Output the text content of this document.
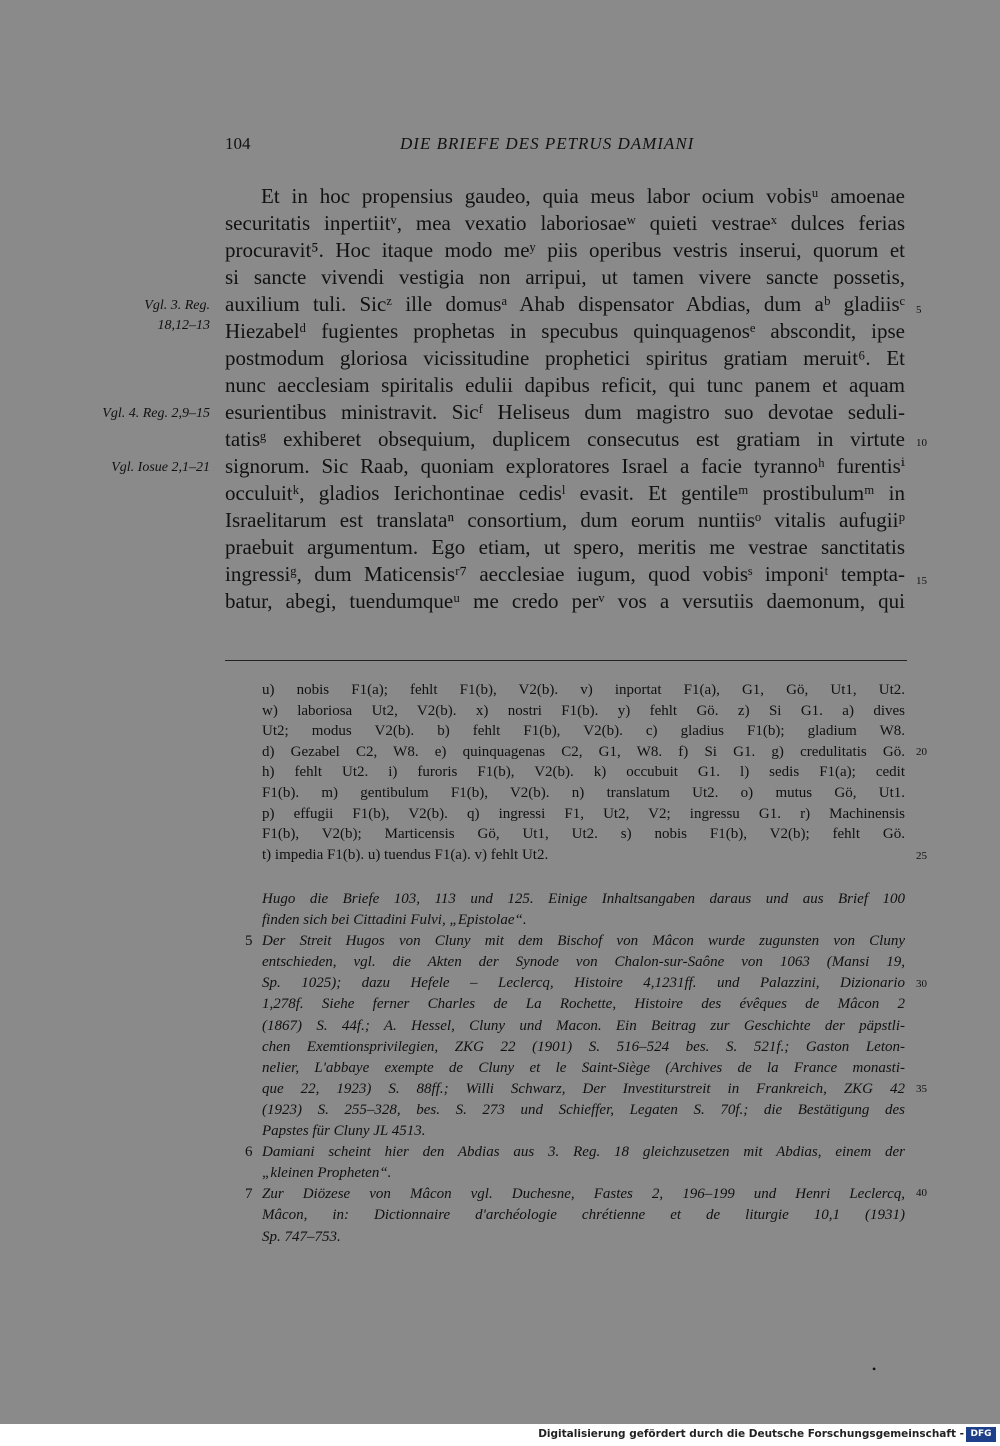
104	DIE BRIEFE DES PETRUS DAMIANI
Et in hoc propensius gaudeo, quia meus labor ocium vobisᵘ amoenae
securitatis inpertiitᵛ, mea vexatio laboriosaeʷ quieti vestraeˣ dulces ferias
procuravit⁵. Hoc itaque modo meʸ piis operibus vestris inserui, quorum et
si sancte vivendi vestigia non arripui, ut tamen vivere sancte possetis,
auxilium tuli. Sicᶻ ille domusᵃ Ahab dispensator Abdias, dum aᵇ gladiisᶜ
Hiezabelᵈ fugientes prophetas in specubus quinquagenosᵉ abscondit, ipse
postmodum gloriosa vicissitudine prophetici spiritus gratiam meruit⁶. Et
nunc aecclesiam spiritalis edulii dapibus reficit, qui tunc panem et aquam
esurientibus ministravit. Sicᶠ Heliseus dum magistro suo devotae seduli-
tatisᵍ exhiberet obsequium, duplicem consecutus est gratiam in virtute
signorum. Sic Raab, quoniam exploratores Israel a facie tyrannoʰ furentisⁱ
occuluitᵏ, gladios Ierichontinae cedisˡ evasit. Et gentileᵐ prostibulumᵐ in
Israelitarum est translataⁿ consortium, dum eorum nuntiisᵒ vitalis aufugiiᵖ
praebuit argumentum. Ego etiam, ut spero, meritis me vestrae sanctitatis
ingressiᵍ, dum Maticensisʳ⁷ aecclesiae iugum, quod vobisˢ imponiᵗ tempta-
batur, abegi, tuendumqueᵘ me credo perᵛ vos a versutiis daemonum, qui
Vgl. 3. Reg.
18,12–13
Vgl. 4. Reg. 2,9–15
Vgl. Iosue 2,1–21
5
10
15
20
25
30
35
40
u) nobis F1(a); fehlt F1(b), V2(b). v) inportat F1(a), G1, Gö, Ut1, Ut2.
w) laboriosa Ut2, V2(b). x) nostri F1(b). y) fehlt Gö. z) Si G1. a) dives
Ut2; modus V2(b). b) fehlt F1(b), V2(b). c) gladius F1(b); gladium W8.
d) Gezabel C2, W8. e) quinquagenas C2, G1, W8. f) Si G1. g) credulitatis Gö.
h) fehlt Ut2. i) furoris F1(b), V2(b). k) occubuit G1. l) sedis F1(a); cedit
F1(b). m) gentibulum F1(b), V2(b). n) translatum Ut2. o) mutus Gö, Ut1.
p) effugii F1(b), V2(b). q) ingressi F1, Ut2, V2; ingressu G1. r) Machinensis
F1(b), V2(b); Marticensis Gö, Ut1, Ut2. s) nobis F1(b), V2(b); fehlt Gö.
t) impedia F1(b). u) tuendus F1(a). v) fehlt Ut2.
Hugo die Briefe 103, 113 und 125. Einige Inhaltsangaben daraus und aus Brief 100
finden sich bei Cittadini Fulvi, „Epistolae“.
5 Der Streit Hugos von Cluny mit dem Bischof von Mâcon wurde zugunsten von Cluny
entschieden, vgl. die Akten der Synode von Chalon-sur-Saône von 1063 (Mansi 19,
Sp. 1025); dazu Hefele – Leclercq, Histoire 4,1231ff. und Palazzini, Dizionario
1,278f. Siehe ferner Charles de La Rochette, Histoire des évêques de Mâcon 2
(1867) S. 44f.; A. Hessel, Cluny und Macon. Ein Beitrag zur Geschichte der päpstli-
chen Exemtionsprivilegien, ZKG 22 (1901) S. 516–524 bes. S. 521f.; Gaston Leton-
nelier, L'abbaye exempte de Cluny et le Saint-Siège (Archives de la France monasti-
que 22, 1923) S. 88ff.; Willi Schwarz, Der Investiturstreit in Frankreich, ZKG 42
(1923) S. 255–328, bes. S. 273 und Schieffer, Legaten S. 70f.; die Bestätigung des
Papstes für Cluny JL 4513.
6 Damiani scheint hier den Abdias aus 3. Reg. 18 gleichzusetzen mit Abdias, einem der
„kleinen Propheten“.
7 Zur Diözese von Mâcon vgl. Duchesne, Fastes 2, 196–199 und Henri Leclercq,
Mâcon, in: Dictionnaire d'archéologie chrétienne et de liturgie 10,1 (1931)
Sp. 747–753.
•
Digitalisierung gefördert durch die Deutsche Forschungsgemeinschaft - DFG
